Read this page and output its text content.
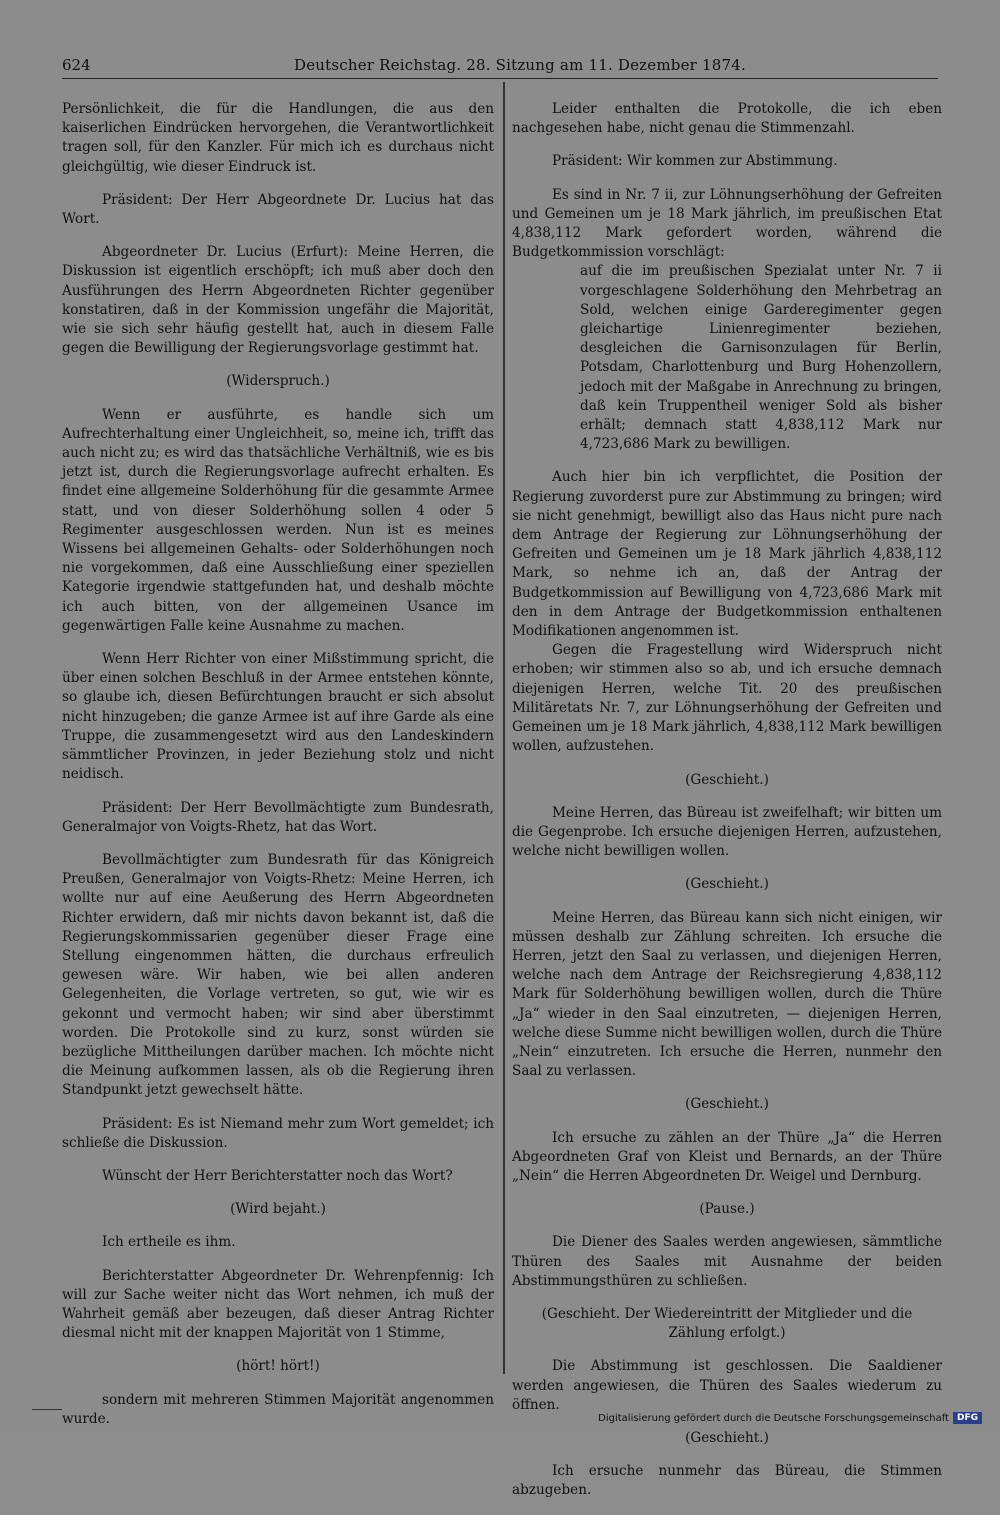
624	Deutscher Reichstag. 28. Sitzung am 11. Dezember 1874.

Persönlichkeit, die für die Handlungen, die aus den kaiserlichen Eindrücken hervorgehen, die Verantwortlichkeit tragen soll, für den Kanzler. Für mich ich es durchaus nicht gleichgültig, wie dieser Eindruck ist.

Präsident: Der Herr Abgeordnete Dr. Lucius hat das Wort.

Abgeordneter Dr. Lucius (Erfurt): Meine Herren, die Diskussion ist eigentlich erschöpft; ich muß aber doch den Ausführungen des Herrn Abgeordneten Richter gegenüber konstatiren, daß in der Kommission ungefähr die Majorität, wie sie sich sehr häufig gestellt hat, auch in diesem Falle gegen die Bewilligung der Regierungsvorlage gestimmt hat.

(Widerspruch.)

Wenn er ausführte, es handle sich um Aufrechterhaltung einer Ungleichheit, so, meine ich, trifft das auch nicht zu; es wird das thatsächliche Verhältniß, wie es bis jetzt ist, durch die Regierungsvorlage aufrecht erhalten. Es findet eine allgemeine Solderhöhung für die gesammte Armee statt, und von dieser Solderhöhung sollen 4 oder 5 Regimenter ausgeschlossen werden. Nun ist es meines Wissens bei allgemeinen Gehalts- oder Solderhöhungen noch nie vorgekommen, daß eine Ausschließung einer speziellen Kategorie irgendwie stattgefunden hat, und deshalb möchte ich auch bitten, von der allgemeinen Usance im gegenwärtigen Falle keine Ausnahme zu machen.

Wenn Herr Richter von einer Mißstimmung spricht, die über einen solchen Beschluß in der Armee entstehen könnte, so glaube ich, diesen Befürchtungen braucht er sich absolut nicht hinzugeben; die ganze Armee ist auf ihre Garde als eine Truppe, die zusammengesetzt wird aus den Landeskindern sämmtlicher Provinzen, in jeder Beziehung stolz und nicht neidisch.

Präsident: Der Herr Bevollmächtigte zum Bundesrath, Generalmajor von Voigts-Rhetz, hat das Wort.

Bevollmächtigter zum Bundesrath für das Königreich Preußen, Generalmajor von Voigts-Rhetz: Meine Herren, ich wollte nur auf eine Aeußerung des Herrn Abgeordneten Richter erwidern, daß mir nichts davon bekannt ist, daß die Regierungskommissarien gegenüber dieser Frage eine Stellung eingenommen hätten, die durchaus erfreulich gewesen wäre. Wir haben, wie bei allen anderen Gelegenheiten, die Vorlage vertreten, so gut, wie wir es gekonnt und vermocht haben; wir sind aber überstimmt worden. Die Protokolle sind zu kurz, sonst würden sie bezügliche Mittheilungen darüber machen. Ich möchte nicht die Meinung aufkommen lassen, als ob die Regierung ihren Standpunkt jetzt gewechselt hätte.

Präsident: Es ist Niemand mehr zum Wort gemeldet; ich schließe die Diskussion.

Wünscht der Herr Berichterstatter noch das Wort?

(Wird bejaht.)

Ich ertheile es ihm.

Berichterstatter Abgeordneter Dr. Wehrenpfennig: Ich will zur Sache weiter nicht das Wort nehmen, ich muß der Wahrheit gemäß aber bezeugen, daß dieser Antrag Richter diesmal nicht mit der knappen Majorität von 1 Stimme,

(hört! hört!)

sondern mit mehreren Stimmen Majorität angenommen wurde.

Leider enthalten die Protokolle, die ich eben nachgesehen habe, nicht genau die Stimmenzahl.

Präsident: Wir kommen zur Abstimmung.

Es sind in Nr. 7 ii, zur Löhnungserhöhung der Gefreiten und Gemeinen um je 18 Mark jährlich, im preußischen Etat 4,838,112 Mark gefordert worden, während die Budgetkommission vorschlägt:

auf die im preußischen Spezialat unter Nr. 7 ii vorgeschlagene Solderhöhung den Mehrbetrag an Sold, welchen einige Garderegimenter gegen gleichartige Linienregimenter beziehen, desgleichen die Garnisonzulagen für Berlin, Potsdam, Charlottenburg und Burg Hohenzollern, jedoch mit der Maßgabe in Anrechnung zu bringen, daß kein Truppentheil weniger Sold als bisher erhält; demnach statt 4,838,112 Mark nur 4,723,686 Mark zu bewilligen.

Auch hier bin ich verpflichtet, die Position der Regierung zuvorderst pure zur Abstimmung zu bringen; wird sie nicht genehmigt, bewilligt also das Haus nicht pure nach dem Antrage der Regierung zur Löhnungserhöhung der Gefreiten und Gemeinen um je 18 Mark jährlich 4,838,112 Mark, so nehme ich an, daß der Antrag der Budgetkommission auf Bewilligung von 4,723,686 Mark mit den in dem Antrage der Budgetkommission enthaltenen Modifikationen angenommen ist.

Gegen die Fragestellung wird Widerspruch nicht erhoben; wir stimmen also so ab, und ich ersuche demnach diejenigen Herren, welche Tit. 20 des preußischen Militäretats Nr. 7, zur Löhnungserhöhung der Gefreiten und Gemeinen um je 18 Mark jährlich, 4,838,112 Mark bewilligen wollen, aufzustehen.

(Geschieht.)

Meine Herren, das Büreau ist zweifelhaft; wir bitten um die Gegenprobe. Ich ersuche diejenigen Herren, aufzustehen, welche nicht bewilligen wollen.

(Geschieht.)

Meine Herren, das Büreau kann sich nicht einigen, wir müssen deshalb zur Zählung schreiten. Ich ersuche die Herren, jetzt den Saal zu verlassen, und diejenigen Herren, welche nach dem Antrage der Reichsregierung 4,838,112 Mark für Solderhöhung bewilligen wollen, durch die Thüre „Ja“ wieder in den Saal einzutreten, — diejenigen Herren, welche diese Summe nicht bewilligen wollen, durch die Thüre „Nein“ einzutreten. Ich ersuche die Herren, nunmehr den Saal zu verlassen.

(Geschieht.)

Ich ersuche zu zählen an der Thüre „Ja“ die Herren Abgeordneten Graf von Kleist und Bernards, an der Thüre „Nein“ die Herren Abgeordneten Dr. Weigel und Dernburg.

(Pause.)

Die Diener des Saales werden angewiesen, sämmtliche Thüren des Saales mit Ausnahme der beiden Abstimmungsthüren zu schließen.

(Geschieht. Der Wiedereintritt der Mitglieder und die Zählung erfolgt.)

Die Abstimmung ist geschlossen. Die Saaldiener werden angewiesen, die Thüren des Saales wiederum zu öffnen.

(Geschieht.)

Ich ersuche nunmehr das Büreau, die Stimmen abzugeben.

Digitalisierung gefördert durch die Deutsche Forschungsgemeinschaft DFG
